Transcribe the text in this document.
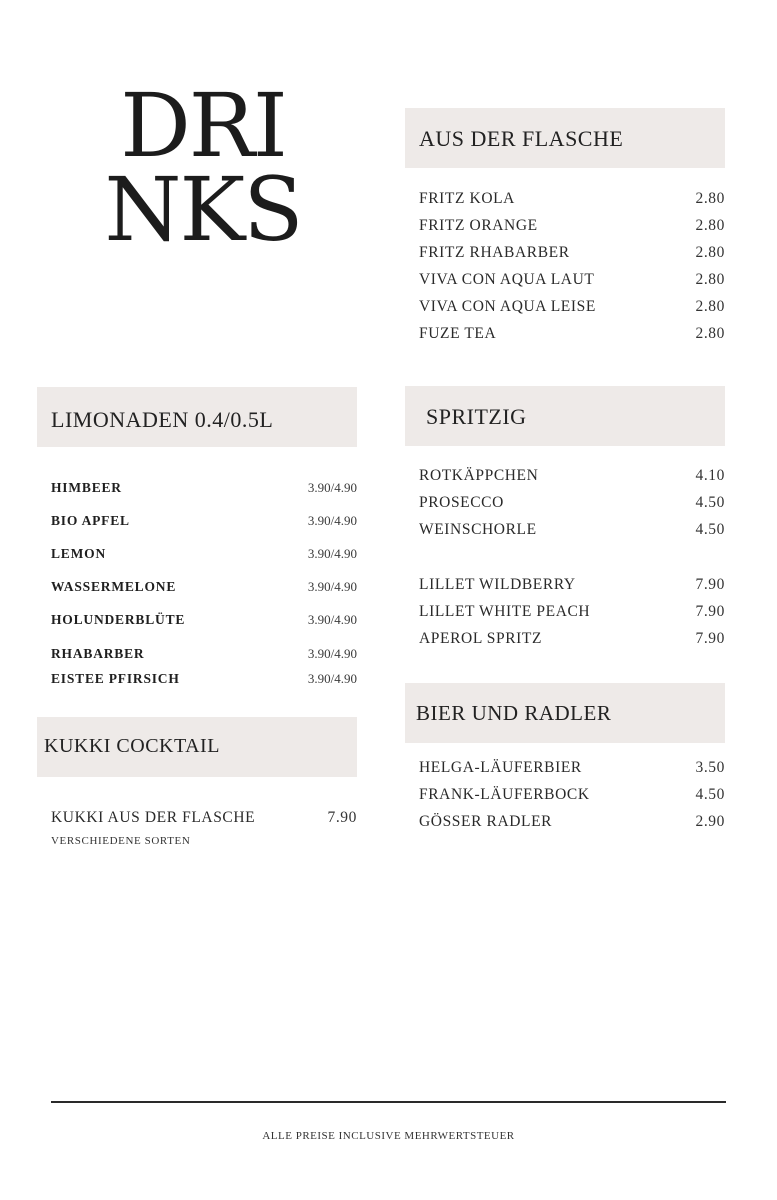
DRI
NKS
AUS DER FLASCHE
FRITZ KOLA	2.80
FRITZ ORANGE	2.80
FRITZ RHABARBER	2.80
VIVA CON AQUA LAUT	2.80
VIVA CON AQUA LEISE	2.80
FUZE TEA	2.80
LIMONADEN 0.4/0.5L
HIMBEER	3.90/4.90
BIO APFEL	3.90/4.90
LEMON	3.90/4.90
WASSERMELONE	3.90/4.90
HOLUNDERBLÜTE	3.90/4.90
RHABARBER	3.90/4.90
EISTEE PFIRSICH	3.90/4.90
SPRITZIG
ROTKÄPPCHEN	4.10
PROSECCO	4.50
WEINSCHORLE	4.50
LILLET WILDBERRY	7.90
LILLET WHITE PEACH	7.90
APEROL SPRITZ	7.90
KUKKI COCKTAIL
KUKKI AUS DER FLASCHE	7.90
VERSCHIEDENE SORTEN
BIER UND RADLER
HELGA-LÄUFERBIER	3.50
FRANK-LÄUFERBOCK	4.50
GÖSSER RADLER	2.90
ALLE PREISE INCLUSIVE MEHRWERTSTEUER
